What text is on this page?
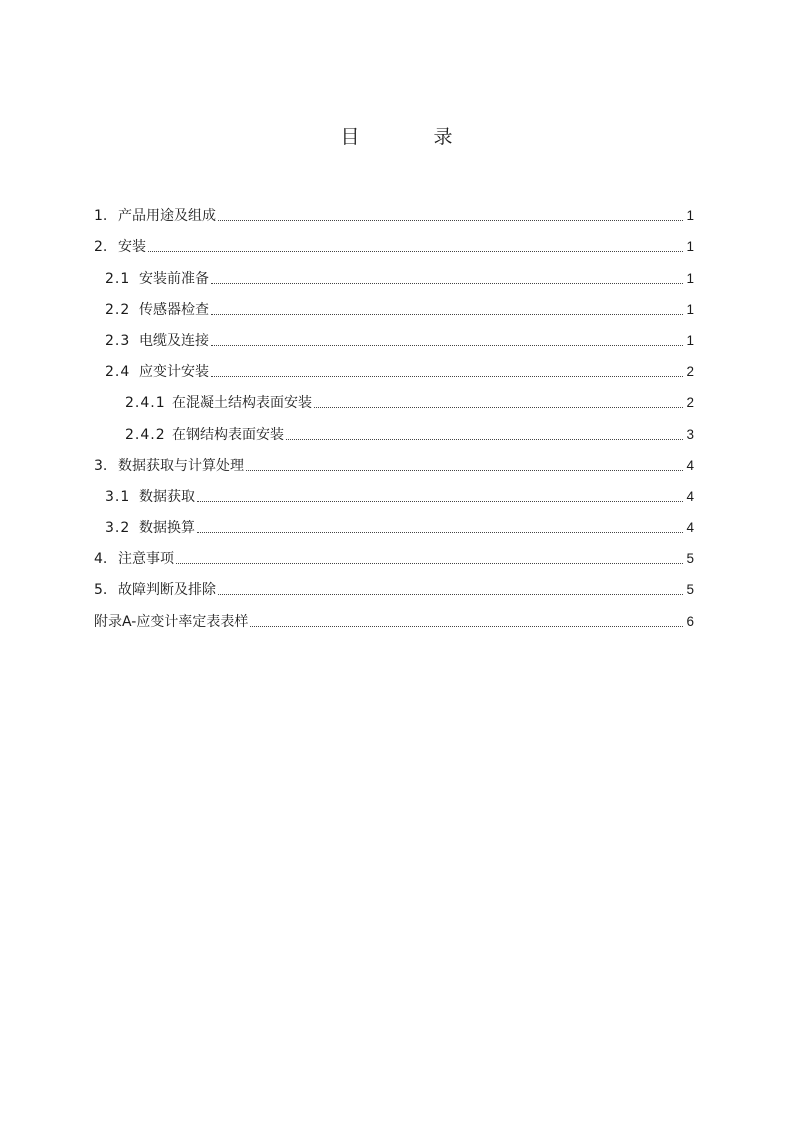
目 录
1. 产品用途及组成	1
2. 安装	1
2.1 安装前准备	1
2.2 传感器检查	1
2.3 电缆及连接	1
2.4 应变计安装	2
2.4.1 在混凝土结构表面安装	2
2.4.2 在钢结构表面安装	3
3. 数据获取与计算处理	4
3.1 数据获取	4
3.2 数据换算	4
4. 注意事项	5
5. 故障判断及排除	5
附录A-应变计率定表表样	6
